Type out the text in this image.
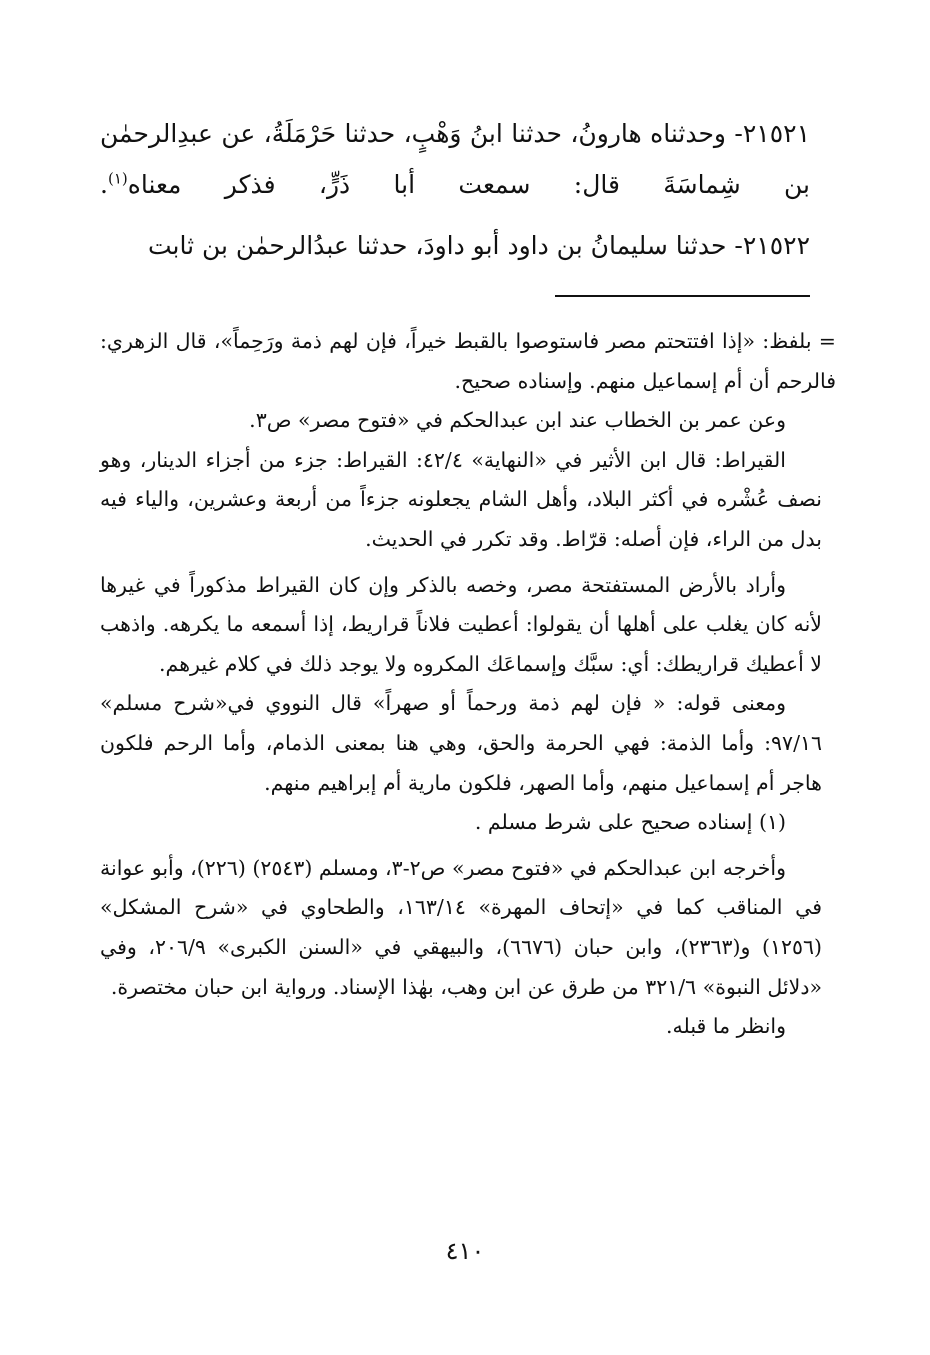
٢١٥٢١- وحدثناه هارونُ، حدثنا ابنُ وَهْبٍ، حدثنا حَرْمَلَةُ، عن عبدِالرحمٰن بن شِماسَةَ قال: سمعت أبا ذَرٍّ، فذكر معناه$^{(١)}$.

٢١٥٢٢- حدثنا سليمانُ بن داود أبو داودَ، حدثنا عبدُالرحمٰن بن ثابت

= بلفظ: «إذا افتتحتم مصر فاستوصوا بالقبط خيراً، فإن لهم ذمة ورَحِماً»، قال الزهري: فالرحم أن أم إسماعيل منهم. وإسناده صحيح.

وعن عمر بن الخطاب عند ابن عبدالحكم في «فتوح مصر» ص٣.

القيراط: قال ابن الأثير في «النهاية» ٤٢/٤: القيراط: جزء من أجزاء الدينار، وهو نصف عُشْره في أكثر البلاد، وأهل الشام يجعلونه جزءاً من أربعة وعشرين، والياء فيه بدل من الراء، فإن أصله: قرّاط. وقد تكرر في الحديث.

وأراد بالأرض المستفتحة مصر، وخصه بالذكر وإن كان القيراط مذكوراً في غيرها لأنه كان يغلب على أهلها أن يقولوا: أعطيت فلاناً قراريط، إذا أسمعه ما يكرهه. واذهب لا أعطيك قراريطك: أي: سبَّك وإسماعَك المكروه ولا يوجد ذلك في كلام غيرهم.

ومعنى قوله: « فإن لهم ذمة ورحماً أو صهراً» قال النووي في«شرح مسلم» ٩٧/١٦: وأما الذمة: فهي الحرمة والحق، وهي هنا بمعنى الذمام، وأما الرحم فلكون هاجر أم إسماعيل منهم، وأما الصهر، فلكون مارية أم إبراهيم منهم.

(١) إسناده صحيح على شرط مسلم .

وأخرجه ابن عبدالحكم في «فتوح مصر» ص٢-٣، ومسلم (٢٥٤٣) (٢٢٦)، وأبو عوانة في المناقب كما في «إتحاف المهرة» ١٦٣/١٤، والطحاوي في «شرح المشكل» (١٢٥٦) و(٢٣٦٣)، وابن حبان (٦٦٧٦)، والبيهقي في «السنن الكبرى» ٢٠٦/٩، وفي «دلائل النبوة» ٣٢١/٦ من طرق عن ابن وهب، بهٰذا الإسناد. ورواية ابن حبان مختصرة.

وانظر ما قبله.

٤١٠
